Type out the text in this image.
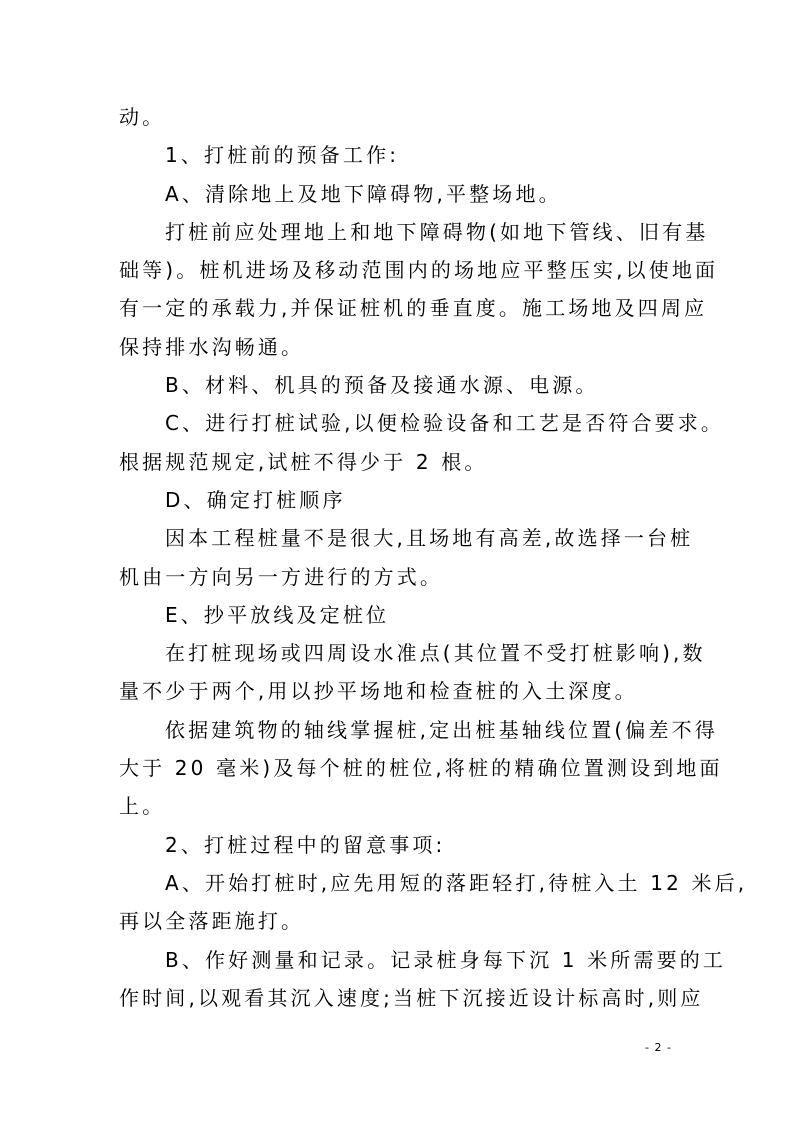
动。

1、打桩前的预备工作:

A、清除地上及地下障碍物,平整场地。

打桩前应处理地上和地下障碍物(如地下管线、旧有基

础等)。桩机进场及移动范围内的场地应平整压实,以使地面

有一定的承载力,并保证桩机的垂直度。施工场地及四周应

保持排水沟畅通。

B、材料、机具的预备及接通水源、电源。

C、进行打桩试验,以便检验设备和工艺是否符合要求。

根据规范规定,试桩不得少于 2 根。

D、确定打桩顺序

因本工程桩量不是很大,且场地有高差,故选择一台桩

机由一方向另一方进行的方式。

E、抄平放线及定桩位

在打桩现场或四周设水准点(其位置不受打桩影响),数

量不少于两个,用以抄平场地和检查桩的入土深度。

依据建筑物的轴线掌握桩,定出桩基轴线位置(偏差不得

大于 20 毫米)及每个桩的桩位,将桩的精确位置测设到地面

上。

2、打桩过程中的留意事项:

A、开始打桩时,应先用短的落距轻打,待桩入土 12 米后,

再以全落距施打。

B、作好测量和记录。记录桩身每下沉 1 米所需要的工

作时间,以观看其沉入速度;当桩下沉接近设计标高时,则应

- 2 -
